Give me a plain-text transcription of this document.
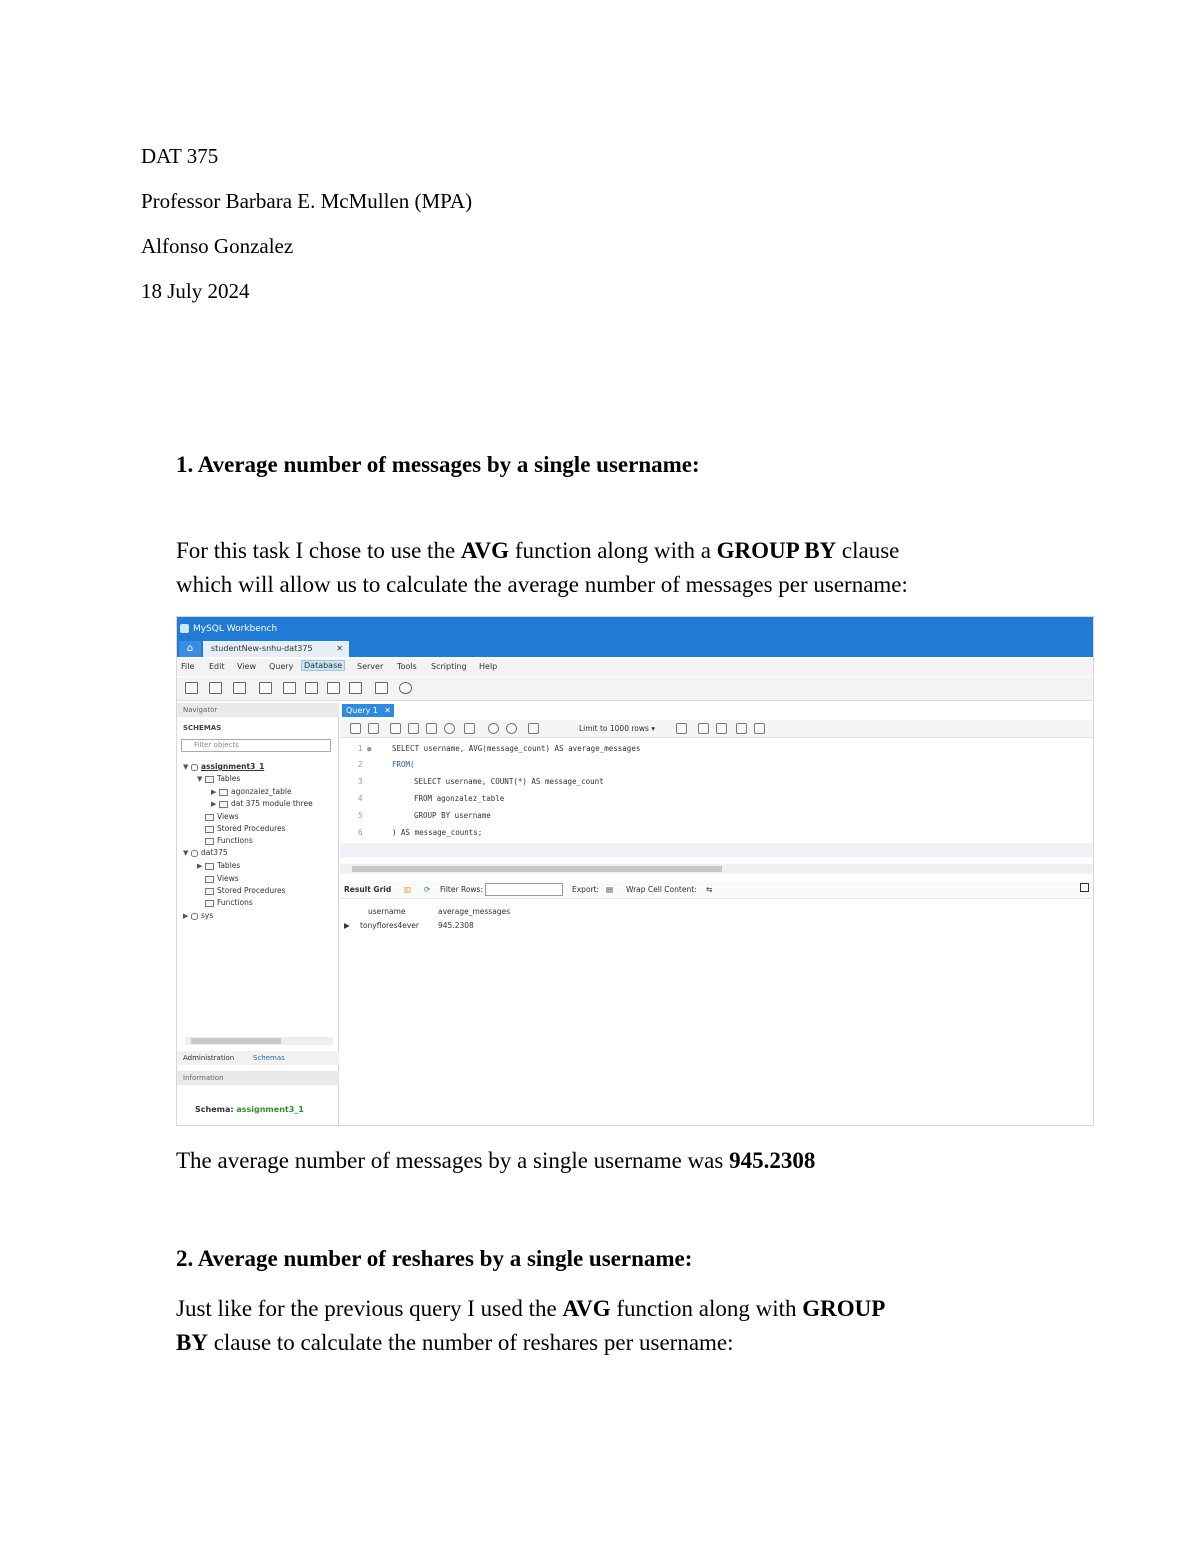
DAT 375
Professor Barbara E. McMullen (MPA)
Alfonso Gonzalez
18 July 2024
1. Average number of messages by a single username:
For this task I chose to use the AVG function along with a GROUP BY clause
which will allow us to calculate the average number of messages per username:
MySQL Workbench
⌂	studentNew-snhu-dat375	✕
File Edit View Query	Database	Server Tools Scripting Help
Navigator
SCHEMAS
Filter objects
▼ assignment3_1
▼ Tables
▶ agonzalez_table
▶ dat 375 module three
Views
Stored Procedures
Functions
▼ dat375
▶ Tables
Views
Stored Procedures
Functions
▶ sys
Administration	Schemas
Information
Schema: assignment3_1
Query 1 ✕
Limit to 1000 rows ▾
1 ●	SELECT username, AVG(message_count) AS average_messages
2	FROM(
3	SELECT username, COUNT(*) AS message_count
4	FROM agonzalez_table
5	GROUP BY username
6	) AS message_counts;
Result Grid ▥ ⟳ Filter Rows:	Export: ▤ Wrap Cell Content: ⇆
username	average_messages
▶ tonyflores4ever	945.2308
The average number of messages by a single username was 945.2308
2. Average number of reshares by a single username:
Just like for the previous query I used the AVG function along with GROUP
BY clause to calculate the number of reshares per username:
